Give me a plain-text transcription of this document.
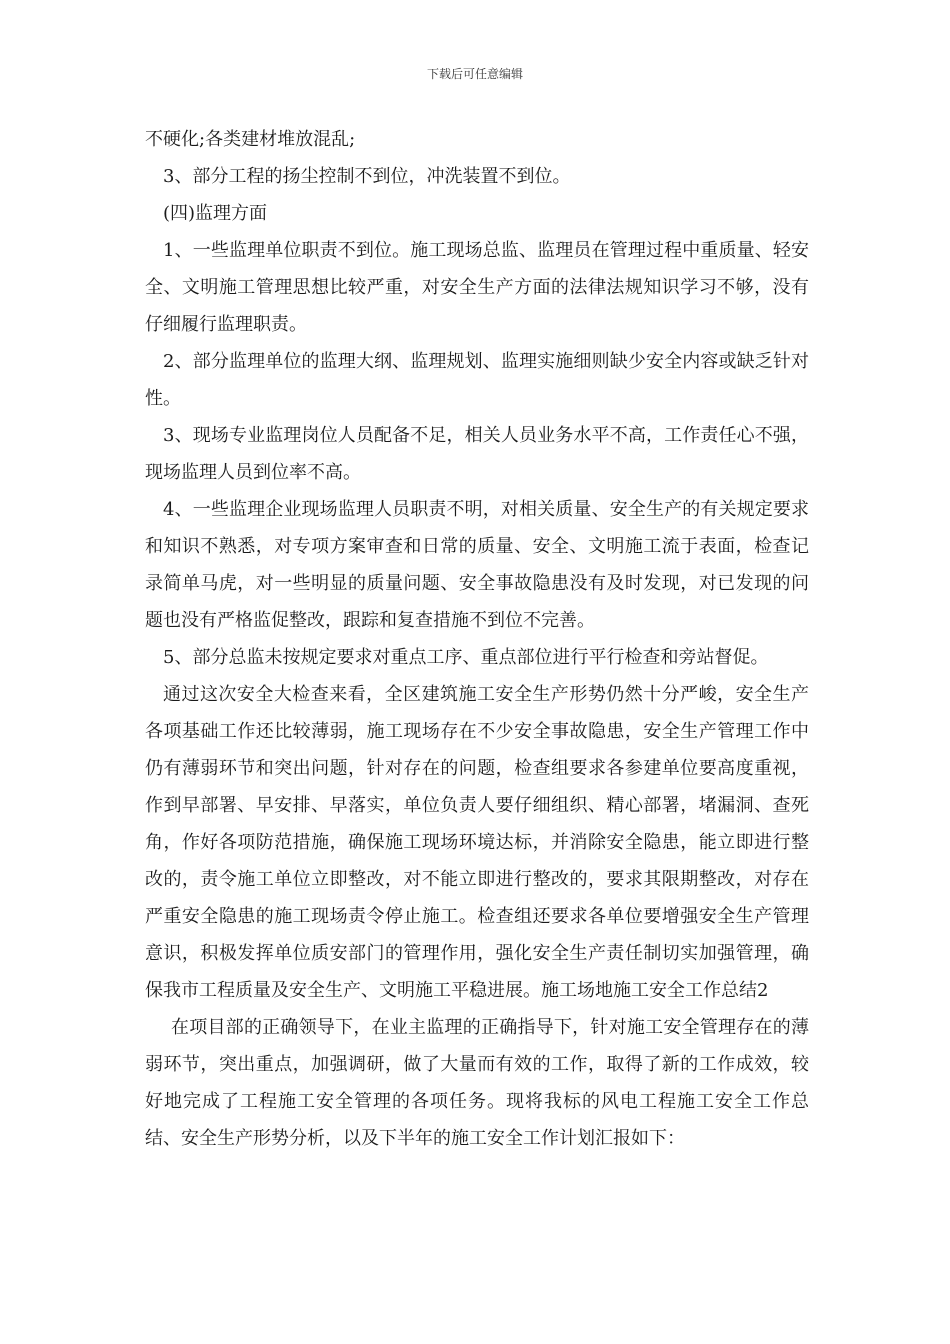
下载后可任意编辑

不硬化;各类建材堆放混乱;

3、部分工程的扬尘控制不到位，冲洗装置不到位。

(四)监理方面

1、一些监理单位职责不到位。施工现场总监、监理员在管理过程中重质量、轻安全、文明施工管理思想比较严重，对安全生产方面的法律法规知识学习不够，没有仔细履行监理职责。

2、部分监理单位的监理大纲、监理规划、监理实施细则缺少安全内容或缺乏针对性。

3、现场专业监理岗位人员配备不足，相关人员业务水平不高，工作责任心不强，现场监理人员到位率不高。

4、一些监理企业现场监理人员职责不明，对相关质量、安全生产的有关规定要求和知识不熟悉，对专项方案审查和日常的质量、安全、文明施工流于表面，检查记录简单马虎，对一些明显的质量问题、安全事故隐患没有及时发现，对已发现的问题也没有严格监促整改，跟踪和复查措施不到位不完善。

5、部分总监未按规定要求对重点工序、重点部位进行平行检查和旁站督促。

通过这次安全大检查来看，全区建筑施工安全生产形势仍然十分严峻，安全生产各项基础工作还比较薄弱，施工现场存在不少安全事故隐患，安全生产管理工作中仍有薄弱环节和突出问题，针对存在的问题，检查组要求各参建单位要高度重视，作到早部署、早安排、早落实，单位负责人要仔细组织、精心部署，堵漏洞、查死角，作好各项防范措施，确保施工现场环境达标，并消除安全隐患，能立即进行整改的，责令施工单位立即整改，对不能立即进行整改的，要求其限期整改，对存在严重安全隐患的施工现场责令停止施工。检查组还要求各单位要增强安全生产管理意识，积极发挥单位质安部门的管理作用，强化安全生产责任制切实加强管理，确保我市工程质量及安全生产、文明施工平稳进展。施工场地施工安全工作总结2

在项目部的正确领导下，在业主监理的正确指导下，针对施工安全管理存在的薄弱环节，突出重点，加强调研，做了大量而有效的工作，取得了新的工作成效，较好地完成了工程施工安全管理的各项任务。现将我标的风电工程施工安全工作总结、安全生产形势分析，以及下半年的施工安全工作计划汇报如下：
